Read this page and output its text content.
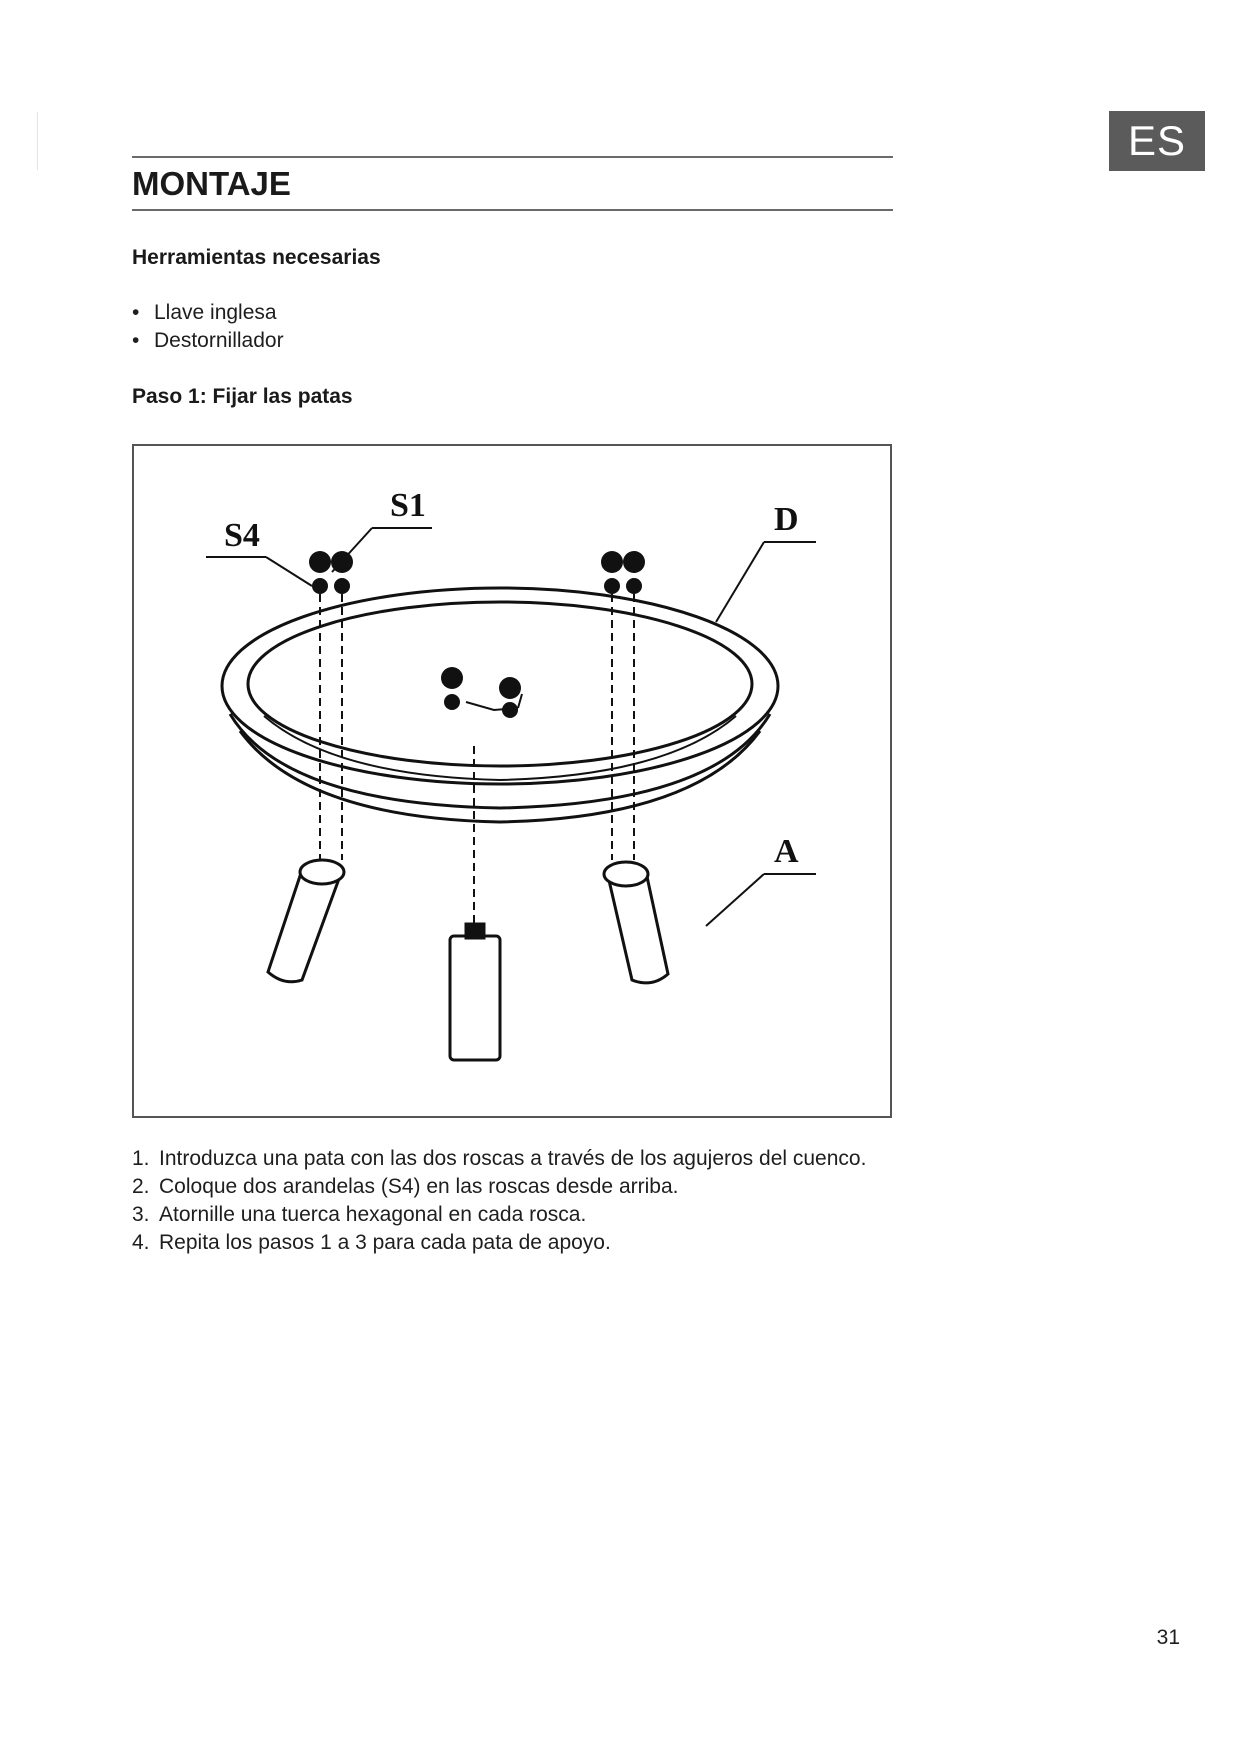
ES
MONTAJE
Herramientas necesarias
• Llave inglesa
• Destornillador
Paso 1: Fijar las patas
S4
S1	D
A
1. Introduzca una pata con las dos roscas a través de los agujeros del cuenco.
2. Coloque dos arandelas (S4) en las roscas desde arriba.
3. Atornille una tuerca hexagonal en cada rosca.
4. Repita los pasos 1 a 3 para cada pata de apoyo.
31
